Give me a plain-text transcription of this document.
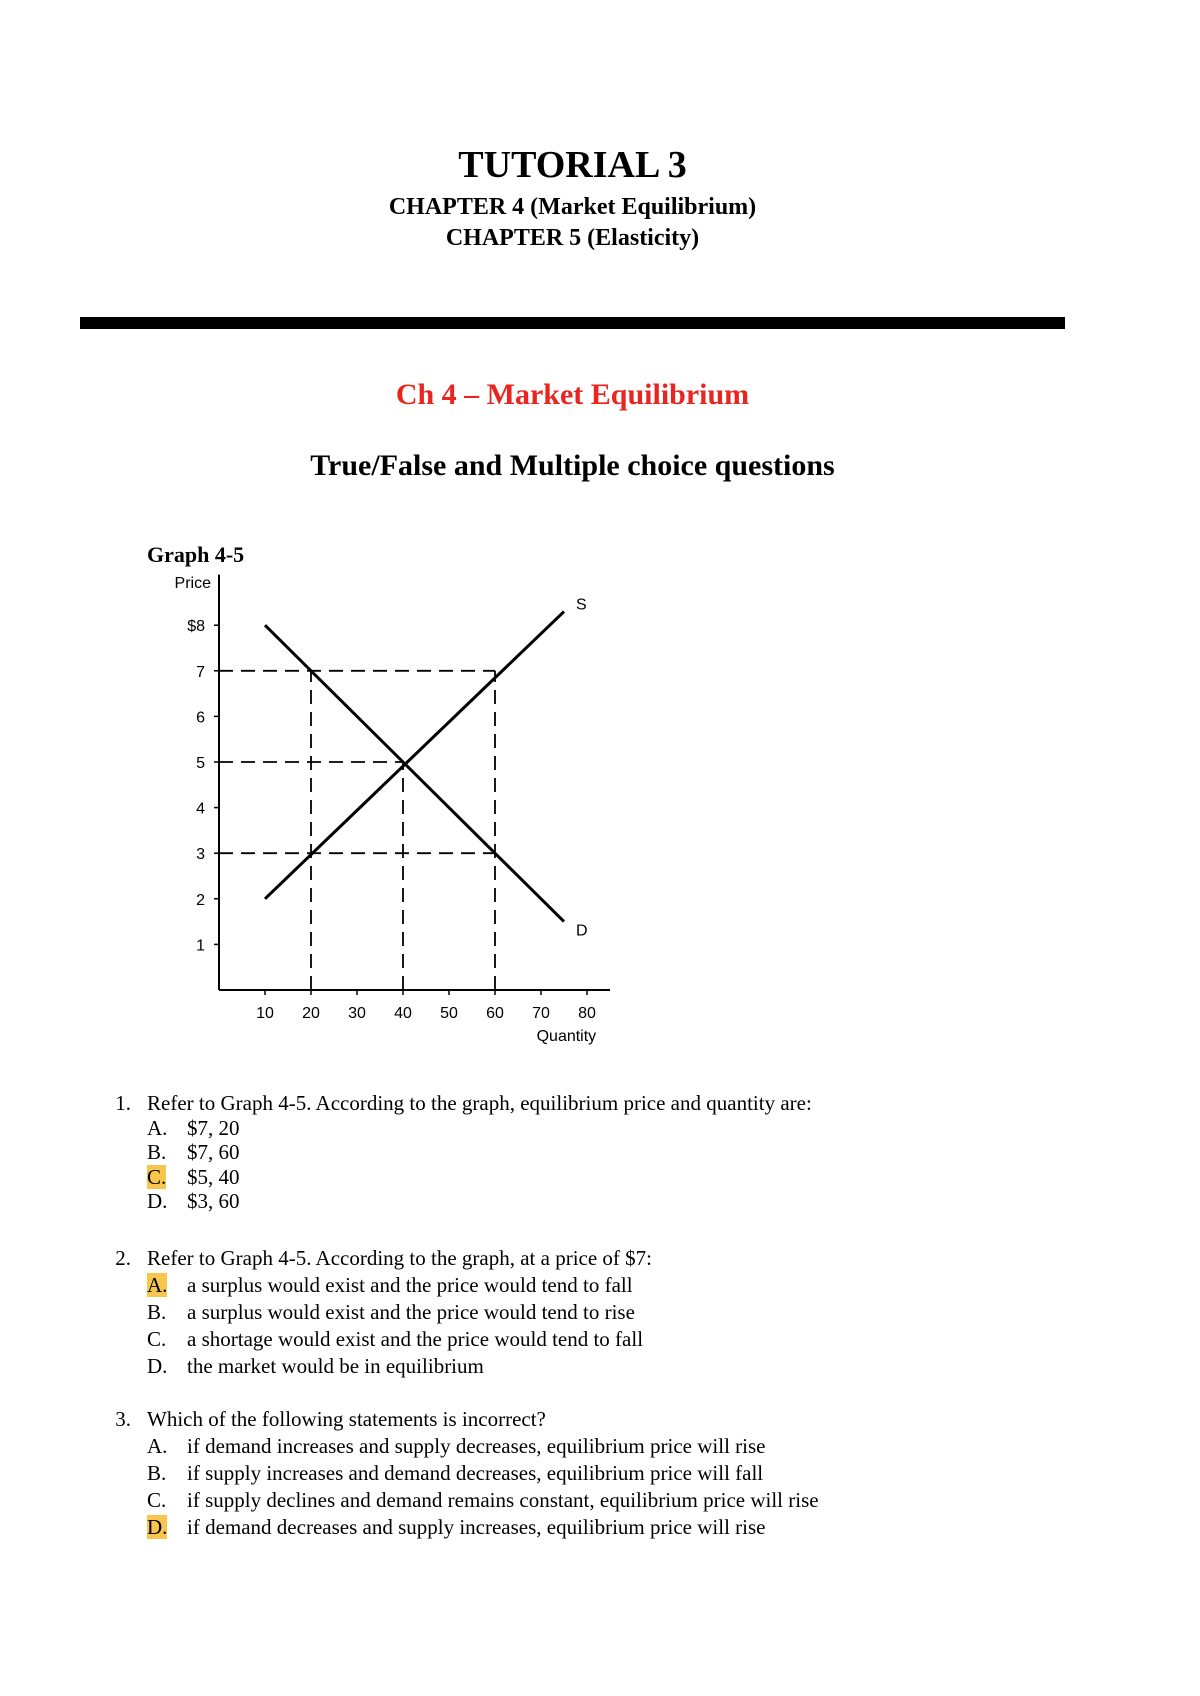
TUTORIAL 3
CHAPTER 4 (Market Equilibrium)
CHAPTER 5 (Elasticity)
Ch 4 – Market Equilibrium
True/False and Multiple choice questions
Graph 4-5
1
2
3
4
5
6
7
$8
10 20 30 40 50 60 70 80
Price
Quantity
S
D
1. Refer to Graph 4-5. According to the graph, equilibrium price and quantity are:
A. $7, 20
B. $7, 60
C. $5, 40
D. $3, 60
2. Refer to Graph 4-5. According to the graph, at a price of $7:
A. a surplus would exist and the price would tend to fall
B. a surplus would exist and the price would tend to rise
C. a shortage would exist and the price would tend to fall
D. the market would be in equilibrium
3. Which of the following statements is incorrect?
A. if demand increases and supply decreases, equilibrium price will rise
B. if supply increases and demand decreases, equilibrium price will fall
C. if supply declines and demand remains constant, equilibrium price will rise
D. if demand decreases and supply increases, equilibrium price will rise
